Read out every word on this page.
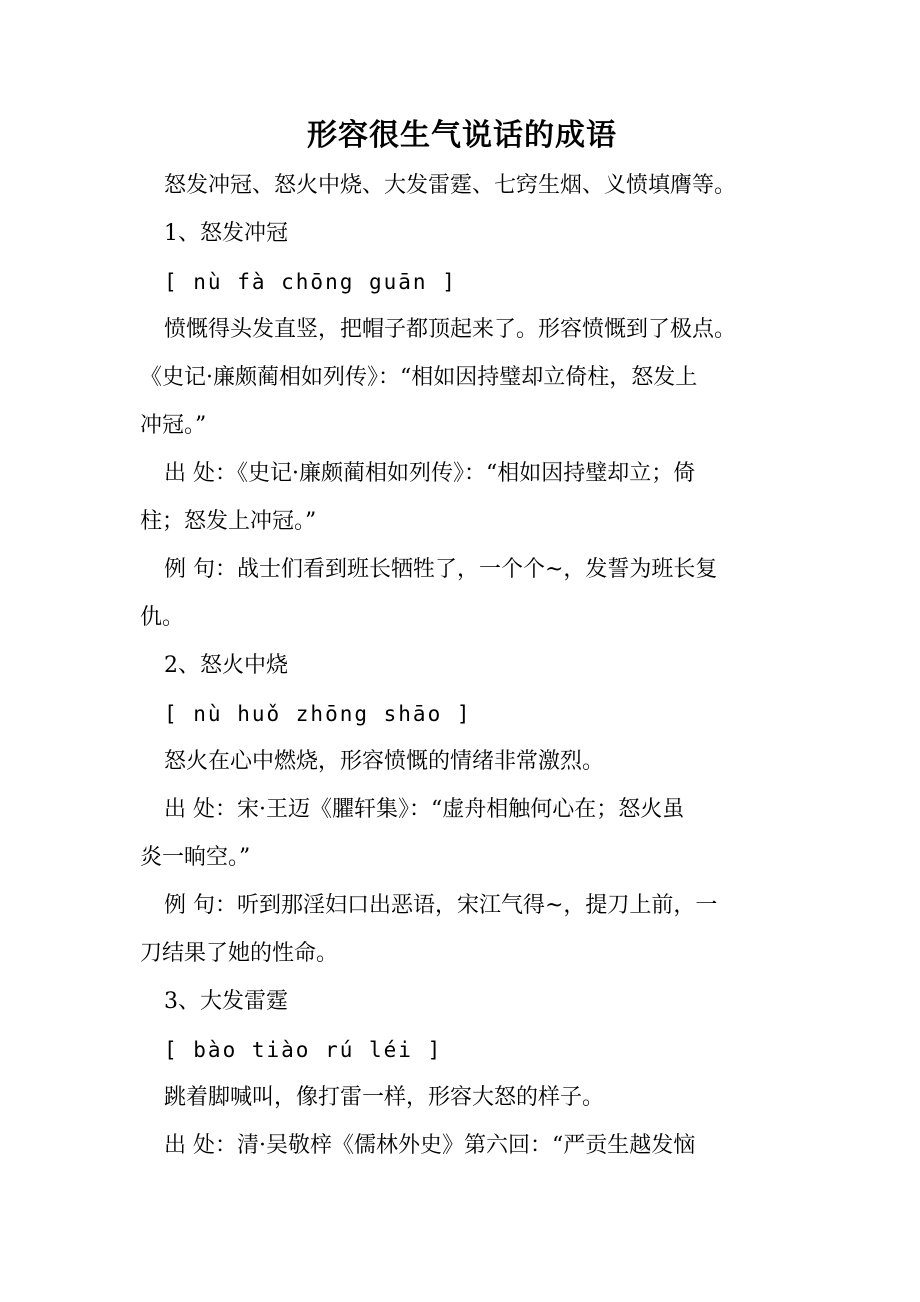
形容很生气说话的成语
怒发冲冠、怒火中烧、大发雷霆、七窍生烟、义愤填膺等。
1、怒发冲冠
[ nù fà chōng guān ]
愤慨得头发直竖，把帽子都顶起来了。形容愤慨到了极点。
《史记·廉颇蔺相如列传》：“相如因持璧却立倚柱，怒发上
冲冠。”
出 处：《史记·廉颇蔺相如列传》：“相如因持璧却立；倚
柱；怒发上冲冠。”
例 句：战士们看到班长牺牲了，一个个~，发誓为班长复
仇。
2、怒火中烧
[ nù huǒ zhōng shāo ]
怒火在心中燃烧，形容愤慨的情绪非常激烈。
出 处：宋·王迈《臞轩集》：“虚舟相触何心在；怒火虽
炎一晌空。”
例 句：听到那淫妇口出恶语，宋江气得~，提刀上前，一
刀结果了她的性命。
3、大发雷霆
[ bào tiào rú léi ]
跳着脚喊叫，像打雷一样，形容大怒的样子。
出 处：清·吴敬梓《儒林外史》第六回：“严贡生越发恼
